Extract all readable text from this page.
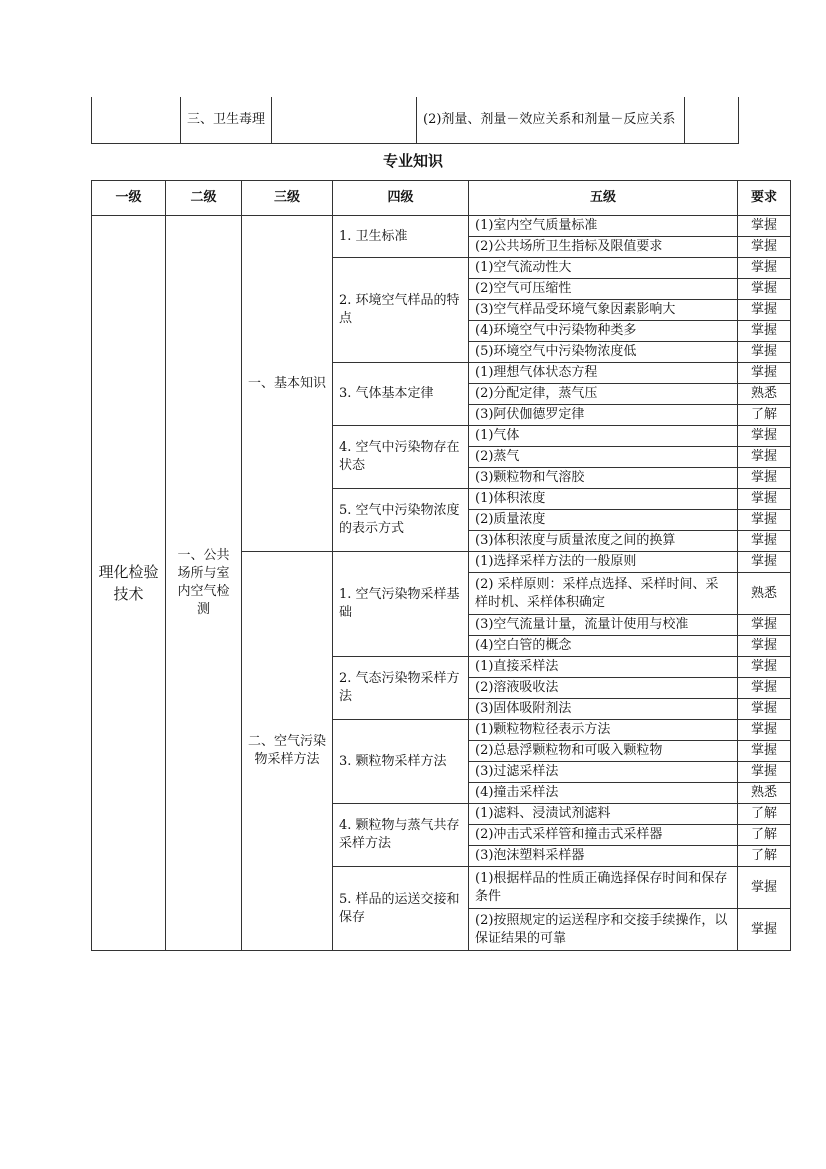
	三、卫生毒理		(2)剂量、剂量－效应关系和剂量－反应关系	
专业知识
一级	二级	三级	四级	五级	要求
理化检验技术	一、公共场所与室内空气检测	一、基本知识	1. 卫生标准	(1)室内空气质量标准	掌握
				(2)公共场所卫生指标及限值要求	掌握
			2. 环境空气样品的特点	(1)空气流动性大	掌握
				(2)空气可压缩性	掌握
				(3)空气样品受环境气象因素影响大	掌握
				(4)环境空气中污染物种类多	掌握
				(5)环境空气中污染物浓度低	掌握
			3. 气体基本定律	(1)理想气体状态方程	掌握
				(2)分配定律，蒸气压	熟悉
				(3)阿伏伽德罗定律	了解
			4. 空气中污染物存在状态	(1)气体	掌握
				(2)蒸气	掌握
				(3)颗粒物和气溶胶	掌握
			5. 空气中污染物浓度的表示方式	(1)体积浓度	掌握
				(2)质量浓度	掌握
				(3)体积浓度与质量浓度之间的换算	掌握
		二、空气污染物采样方法	1. 空气污染物采样基础	(1)选择采样方法的一般原则	掌握
				(2) 采样原则：采样点选择、采样时间、采样时机、采样体积确定	熟悉
				(3)空气流量计量，流量计使用与校准	掌握
				(4)空白管的概念	掌握
			2. 气态污染物采样方法	(1)直接采样法	掌握
				(2)溶液吸收法	掌握
				(3)固体吸附剂法	掌握
			3. 颗粒物采样方法	(1)颗粒物粒径表示方法	掌握
				(2)总悬浮颗粒物和可吸入颗粒物	掌握
				(3)过滤采样法	掌握
				(4)撞击采样法	熟悉
			4. 颗粒物与蒸气共存采样方法	(1)滤料、浸渍试剂滤料	了解
				(2)冲击式采样管和撞击式采样器	了解
				(3)泡沫塑料采样器	了解
			5. 样品的运送交接和保存	(1)根据样品的性质正确选择保存时间和保存条件	掌握
				(2)按照规定的运送程序和交接手续操作，以保证结果的可靠	掌握
